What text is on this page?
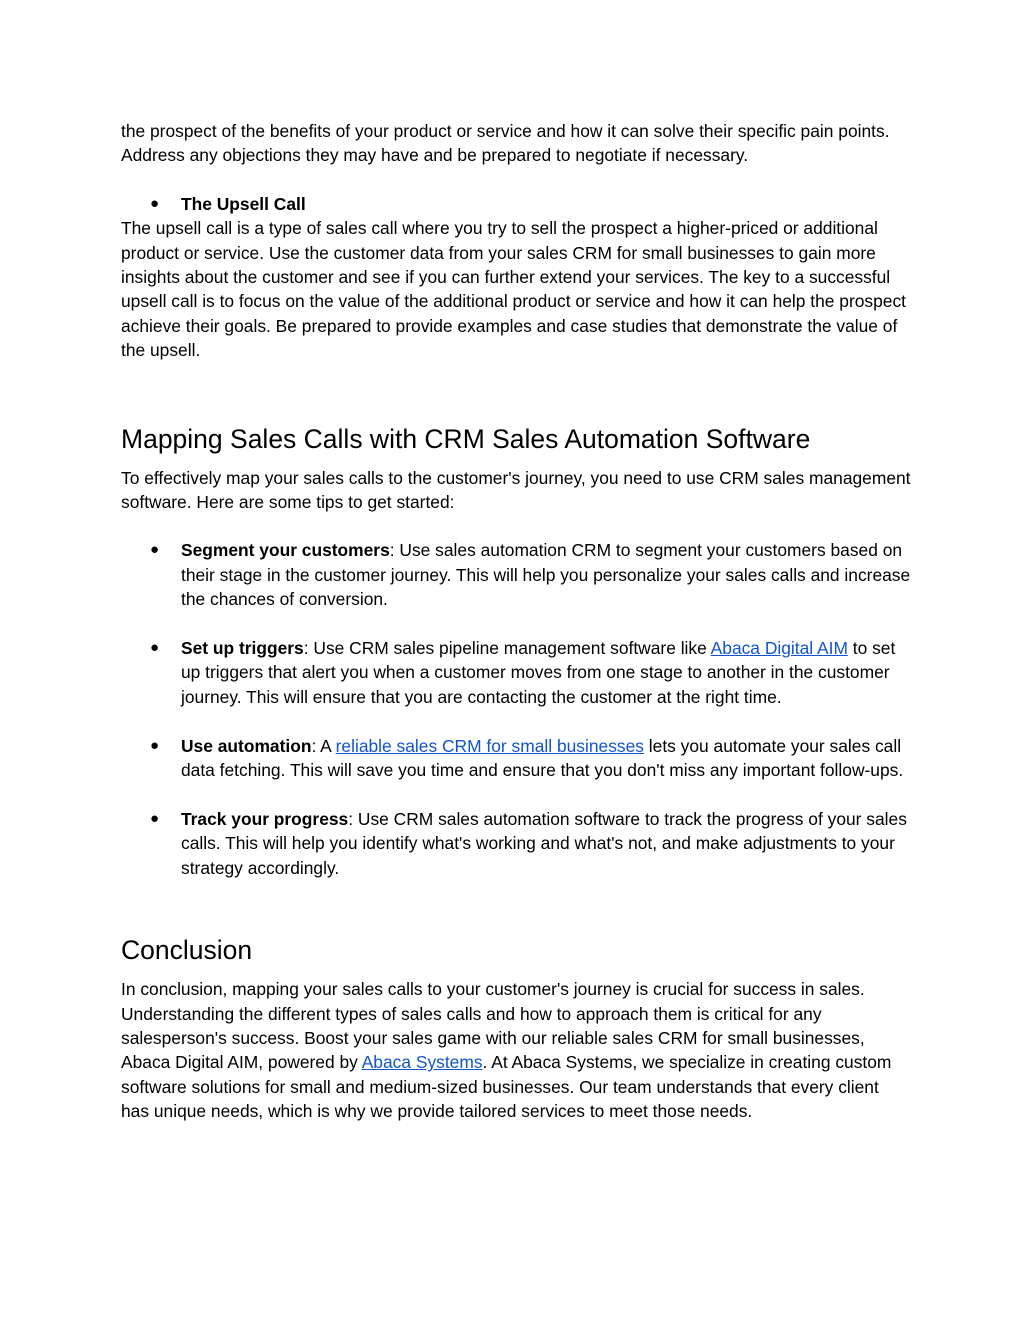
the prospect of the benefits of your product or service and how it can solve their specific pain points. Address any objections they may have and be prepared to negotiate if necessary.

● The Upsell Call

The upsell call is a type of sales call where you try to sell the prospect a higher-priced or additional product or service. Use the customer data from your sales CRM for small businesses to gain more insights about the customer and see if you can further extend your services. The key to a successful upsell call is to focus on the value of the additional product or service and how it can help the prospect achieve their goals. Be prepared to provide examples and case studies that demonstrate the value of the upsell.

Mapping Sales Calls with CRM Sales Automation Software

To effectively map your sales calls to the customer's journey, you need to use CRM sales management software. Here are some tips to get started:

● Segment your customers: Use sales automation CRM to segment your customers based on their stage in the customer journey. This will help you personalize your sales calls and increase the chances of conversion.
● Set up triggers: Use CRM sales pipeline management software like Abaca Digital AIM to set up triggers that alert you when a customer moves from one stage to another in the customer journey. This will ensure that you are contacting the customer at the right time.
● Use automation: A reliable sales CRM for small businesses lets you automate your sales call data fetching. This will save you time and ensure that you don't miss any important follow-ups.
● Track your progress: Use CRM sales automation software to track the progress of your sales calls. This will help you identify what's working and what's not, and make adjustments to your strategy accordingly.
Conclusion

In conclusion, mapping your sales calls to your customer's journey is crucial for success in sales. Understanding the different types of sales calls and how to approach them is critical for any salesperson's success. Boost your sales game with our reliable sales CRM for small businesses, Abaca Digital AIM, powered by Abaca Systems. At Abaca Systems, we specialize in creating custom software solutions for small and medium-sized businesses. Our team understands that every client has unique needs, which is why we provide tailored services to meet those needs.
